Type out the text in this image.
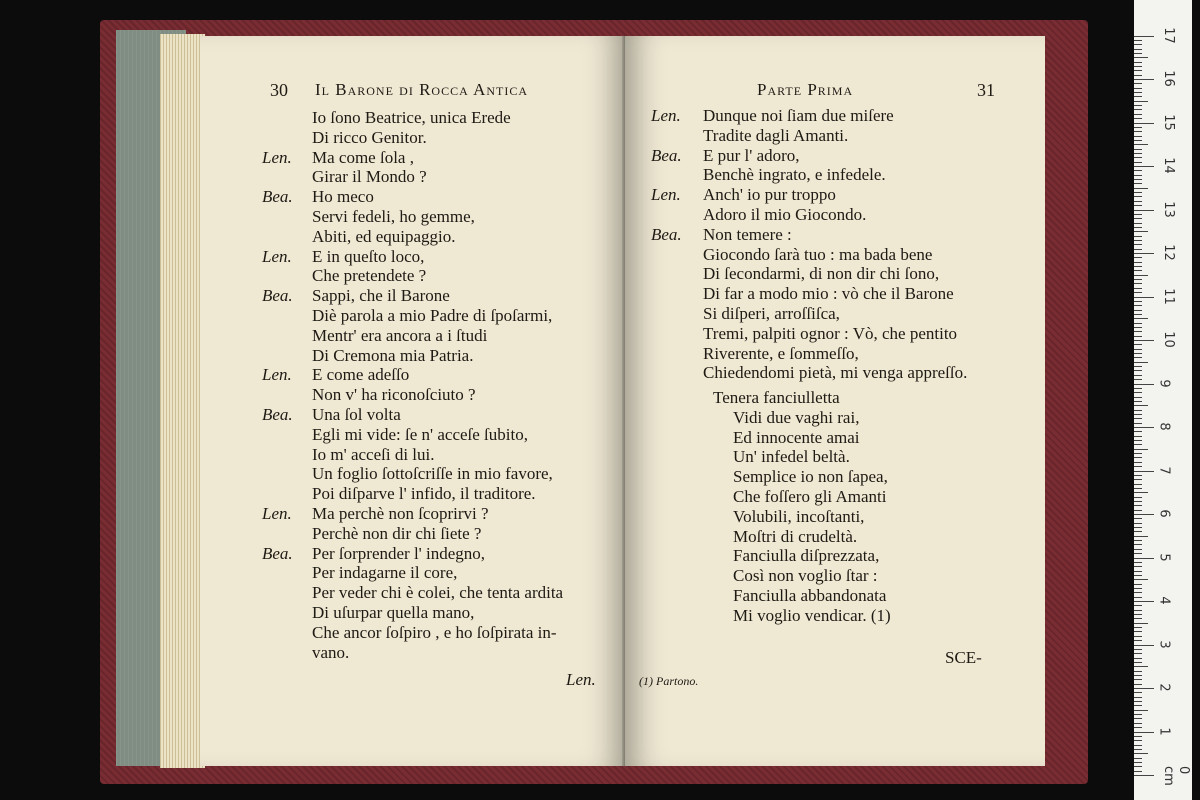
30 Il Barone di Rocca Antica
Io ſono Beatrice, unica Erede
Di ricco Genitor.
Len. Ma come ſola ,
Girar il Mondo ?
Bea. Ho meco
Servi fedeli, ho gemme,
Abiti, ed equipaggio.
Len. E in queſto loco,
Che pretendete ?
Bea. Sappi, che il Barone
Diè parola a mio Padre di ſpoſarmi,
Mentr' era ancora a i ſtudi
Di Cremona mia Patria.
Len. E come adeſſo
Non v' ha riconoſciuto ?
Bea. Una ſol volta
Egli mi vide: ſe n' acceſe ſubito,
Io m' acceſi di lui.
Un foglio ſottoſcriſſe in mio favore,
Poi diſparve l' infido, il traditore.
Len. Ma perchè non ſcoprirvi ?
Perchè non dir chi ſiete ?
Bea. Per ſorprender l' indegno,
Per indagarne il core,
Per veder chi è colei, che tenta ardita
Di uſurpar quella mano,
Che ancor ſoſpiro , e ho ſoſpirata in-
vano.
Len.
Parte Prima	31
Len. Dunque noi ſiam due miſere
Tradite dagli Amanti.
Bea. E pur l' adoro,
Benchè ingrato, e infedele.
Len. Anch' io pur troppo
Adoro il mio Giocondo.
Bea. Non temere :
Giocondo ſarà tuo : ma bada bene
Di ſecondarmi, di non dir chi ſono,
Di far a modo mio : vò che il Barone
Si diſperi, arroſſiſca,
Tremi, palpiti ognor : Vò, che pentito
Riverente, e ſommeſſo,
Chiedendomi pietà, mi venga appreſſo.
Tenera fanciulletta
Vidi due vaghi rai,
Ed innocente amai
Un' infedel beltà.
Semplice io non ſapea,
Che foſſero gli Amanti
Volubili, incoſtanti,
Moſtri di crudeltà.
Fanciulla diſprezzata,
Così non voglio ſtar :
Fanciulla abbandonata
Mi voglio vendicar. (1)
SCE-
(1) Partono.
0 cm
1
2
3
4
5
6
7
8
9
10
11
12
13
14
15
16
17
